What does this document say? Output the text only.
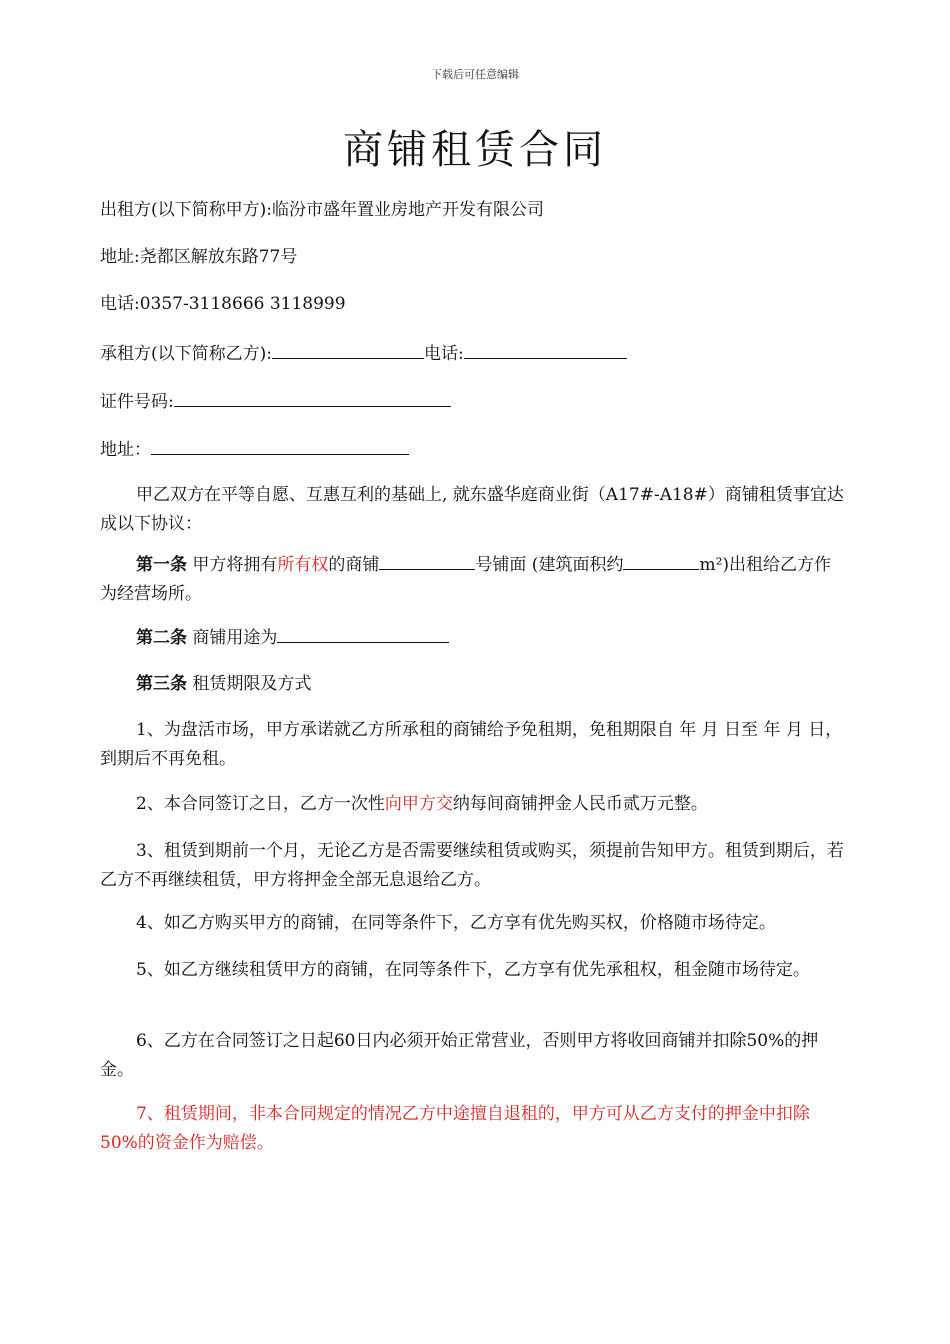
下载后可任意编辑
商铺租赁合同
出租方(以下简称甲方):临汾市盛年置业房地产开发有限公司
地址:尧都区解放东路77号
电话:0357-3118666 3118999
承租方(以下简称乙方):	电话:
证件号码:
地址：
甲乙双方在平等自愿、互惠互利的基础上, 就东盛华庭商业街（A17#-A18#）商铺租赁事宜达成以下协议：
第一条 甲方将拥有所有权的商铺	号铺面 (建筑面积约	m²)出租给乙方作为经营场所。
第二条 商铺用途为
第三条 租赁期限及方式
1、为盘活市场，甲方承诺就乙方所承租的商铺给予免租期，免租期限自 年 月 日至 年 月 日，到期后不再免租。
2、本合同签订之日，乙方一次性向甲方交纳每间商铺押金人民币贰万元整。
3、租赁到期前一个月，无论乙方是否需要继续租赁或购买，须提前告知甲方。租赁到期后，若乙方不再继续租赁，甲方将押金全部无息退给乙方。
4、如乙方购买甲方的商铺，在同等条件下，乙方享有优先购买权，价格随市场待定。
5、如乙方继续租赁甲方的商铺，在同等条件下，乙方享有优先承租权，租金随市场待定。
6、乙方在合同签订之日起60日内必须开始正常营业，否则甲方将收回商铺并扣除50%的押金。
7、租赁期间，非本合同规定的情况乙方中途擅自退租的，甲方可从乙方支付的押金中扣除50%的资金作为赔偿。
